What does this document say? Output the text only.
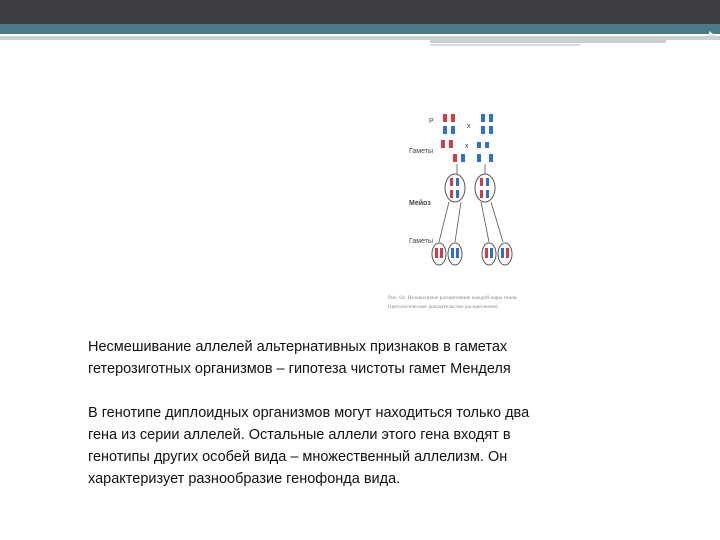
P
Гаметы
Мейоз
Гаметы
x
x
Рис. 64. Независимое расщепление каждой пары генов (цитологическое доказательство расщепления)
Несмешивание аллелей альтернативных признаков в гаметах
гетерозиготных организмов – гипотеза чистоты гамет Менделя
В генотипе диплоидных организмов могут находиться только два
гена из серии аллелей. Остальные аллели этого гена входят в
генотипы других особей вида – множественный аллелизм. Он
характеризует разнообразие генофонда вида.
